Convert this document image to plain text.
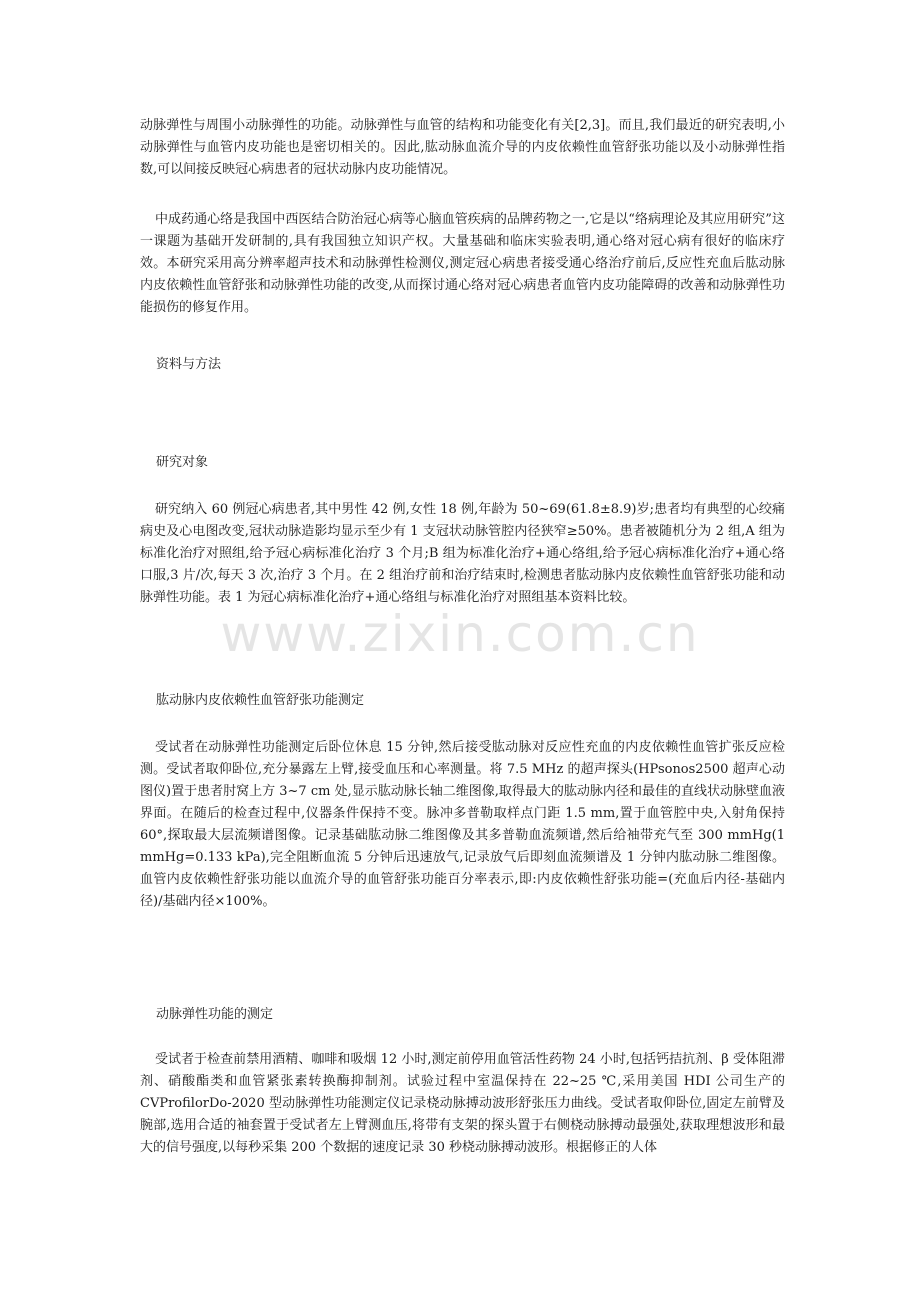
动脉弹性与周围小动脉弹性的功能。动脉弹性与血管的结构和功能变化有关[2,3]。而且,我们最近的研究表明,小动脉弹性与血管内皮功能也是密切相关的。因此,肱动脉血流介导的内皮依赖性血管舒张功能以及小动脉弹性指数,可以间接反映冠心病患者的冠状动脉内皮功能情况。

中成药通心络是我国中西医结合防治冠心病等心脑血管疾病的品牌药物之一,它是以“络病理论及其应用研究”这一课题为基础开发研制的,具有我国独立知识产权。大量基础和临床实验表明,通心络对冠心病有很好的临床疗效。本研究采用高分辨率超声技术和动脉弹性检测仪,测定冠心病患者接受通心络治疗前后,反应性充血后肱动脉内皮依赖性血管舒张和动脉弹性功能的改变,从而探讨通心络对冠心病患者血管内皮功能障碍的改善和动脉弹性功能损伤的修复作用。

资料与方法

研究对象

研究纳入 60 例冠心病患者,其中男性 42 例,女性 18 例,年龄为 50~69(61.8±8.9)岁;患者均有典型的心绞痛病史及心电图改变,冠状动脉造影均显示至少有 1 支冠状动脉管腔内径狭窄≥50%。患者被随机分为 2 组,A 组为标准化治疗对照组,给予冠心病标准化治疗 3 个月;B 组为标准化治疗+通心络组,给予冠心病标准化治疗+通心络口服,3 片/次,每天 3 次,治疗 3 个月。在 2 组治疗前和治疗结束时,检测患者肱动脉内皮依赖性血管舒张功能和动脉弹性功能。表 1 为冠心病标准化治疗+通心络组与标准化治疗对照组基本资料比较。

www.zixin.com.cn

肱动脉内皮依赖性血管舒张功能测定

受试者在动脉弹性功能测定后卧位休息 15 分钟,然后接受肱动脉对反应性充血的内皮依赖性血管扩张反应检测。受试者取仰卧位,充分暴露左上臂,接受血压和心率测量。将 7.5 MHz 的超声探头(HPsonos2500 超声心动图仪)置于患者肘窝上方 3~7 cm 处,显示肱动脉长轴二维图像,取得最大的肱动脉内径和最佳的直线状动脉壁血液界面。在随后的检查过程中,仪器条件保持不变。脉冲多普勒取样点门距 1.5 mm,置于血管腔中央,入射角保持 60°,探取最大层流频谱图像。记录基础肱动脉二维图像及其多普勒血流频谱,然后给袖带充气至 300 mmHg(1 mmHg=0.133 kPa),完全阻断血流 5 分钟后迅速放气,记录放气后即刻血流频谱及 1 分钟内肱动脉二维图像。血管内皮依赖性舒张功能以血流介导的血管舒张功能百分率表示,即:内皮依赖性舒张功能=(充血后内径-基础内径)/基础内径×100%。

动脉弹性功能的测定

受试者于检查前禁用酒精、咖啡和吸烟 12 小时,测定前停用血管活性药物 24 小时,包括钙拮抗剂、β 受体阻滞剂、硝酸酯类和血管紧张素转换酶抑制剂。试验过程中室温保持在 22~25 ℃,采用美国 HDI 公司生产的 CVProfilorDo-2020 型动脉弹性功能测定仪记录桡动脉搏动波形舒张压力曲线。受试者取仰卧位,固定左前臂及腕部,选用合适的袖套置于受试者左上臂测血压,将带有支架的探头置于右侧桡动脉搏动最强处,获取理想波形和最大的信号强度,以每秒采集 200 个数据的速度记录 30 秒桡动脉搏动波形。根据修正的人体
